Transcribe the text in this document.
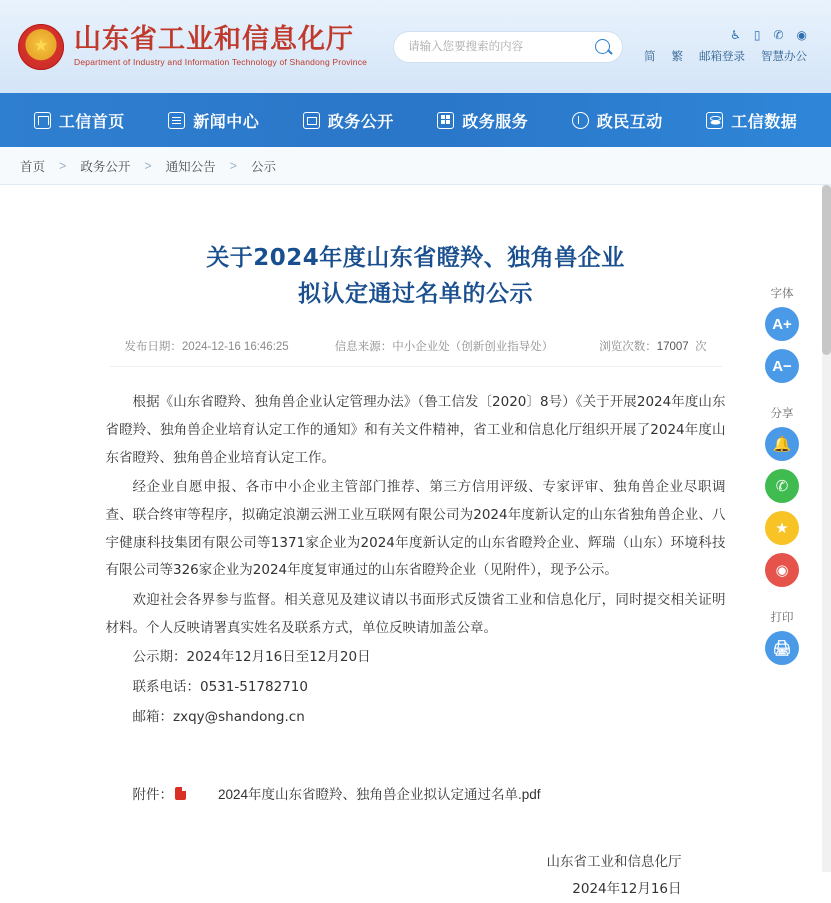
★
山东省工业和信息化厅
Department of Industry and Information Technology of Shandong Province
请输入您要搜索的内容
♿ ▯ ✆ ◉
简 繁 邮箱登录 智慧办公
工信首页	新闻中心	政务公开	政务服务	政民互动	工信数据
首页	>	政务公开	>	通知公告	>	公示
关于2024年度山东省瞪羚、独角兽企业
拟认定通过名单的公示
发布日期：2024-12-16 16:46:25	信息来源：中小企业处（创新创业指导处）	浏览次数：17007 次

根据《山东省瞪羚、独角兽企业认定管理办法》（鲁工信发〔2020〕8号）《关于开展2024年度山东省瞪羚、独角兽企业培育认定工作的通知》和有关文件精神，省工业和信息化厅组织开展了2024年度山东省瞪羚、独角兽企业培育认定工作。

经企业自愿申报、各市中小企业主管部门推荐、第三方信用评级、专家评审、独角兽企业尽职调查、联合终审等程序，拟确定浪潮云洲工业互联网有限公司为2024年度新认定的山东省独角兽企业、八宇健康科技集团有限公司等1371家企业为2024年度新认定的山东省瞪羚企业、辉瑞（山东）环境科技有限公司等326家企业为2024年度复审通过的山东省瞪羚企业（见附件），现予公示。

欢迎社会各界参与监督。相关意见及建议请以书面形式反馈省工业和信息化厅，同时提交相关证明材料。个人反映请署真实姓名及联系方式，单位反映请加盖公章。

公示期：2024年12月16日至12月20日

联系电话：0531-51782710

邮箱：zxqy@shandong.cn

附件：	2024年度山东省瞪羚、独角兽企业拟认定通过名单.pdf
山东省工业和信息化厅
2024年12月16日
字体
A+
A−
分享
🔔
✆
★
◉
打印
🖨
